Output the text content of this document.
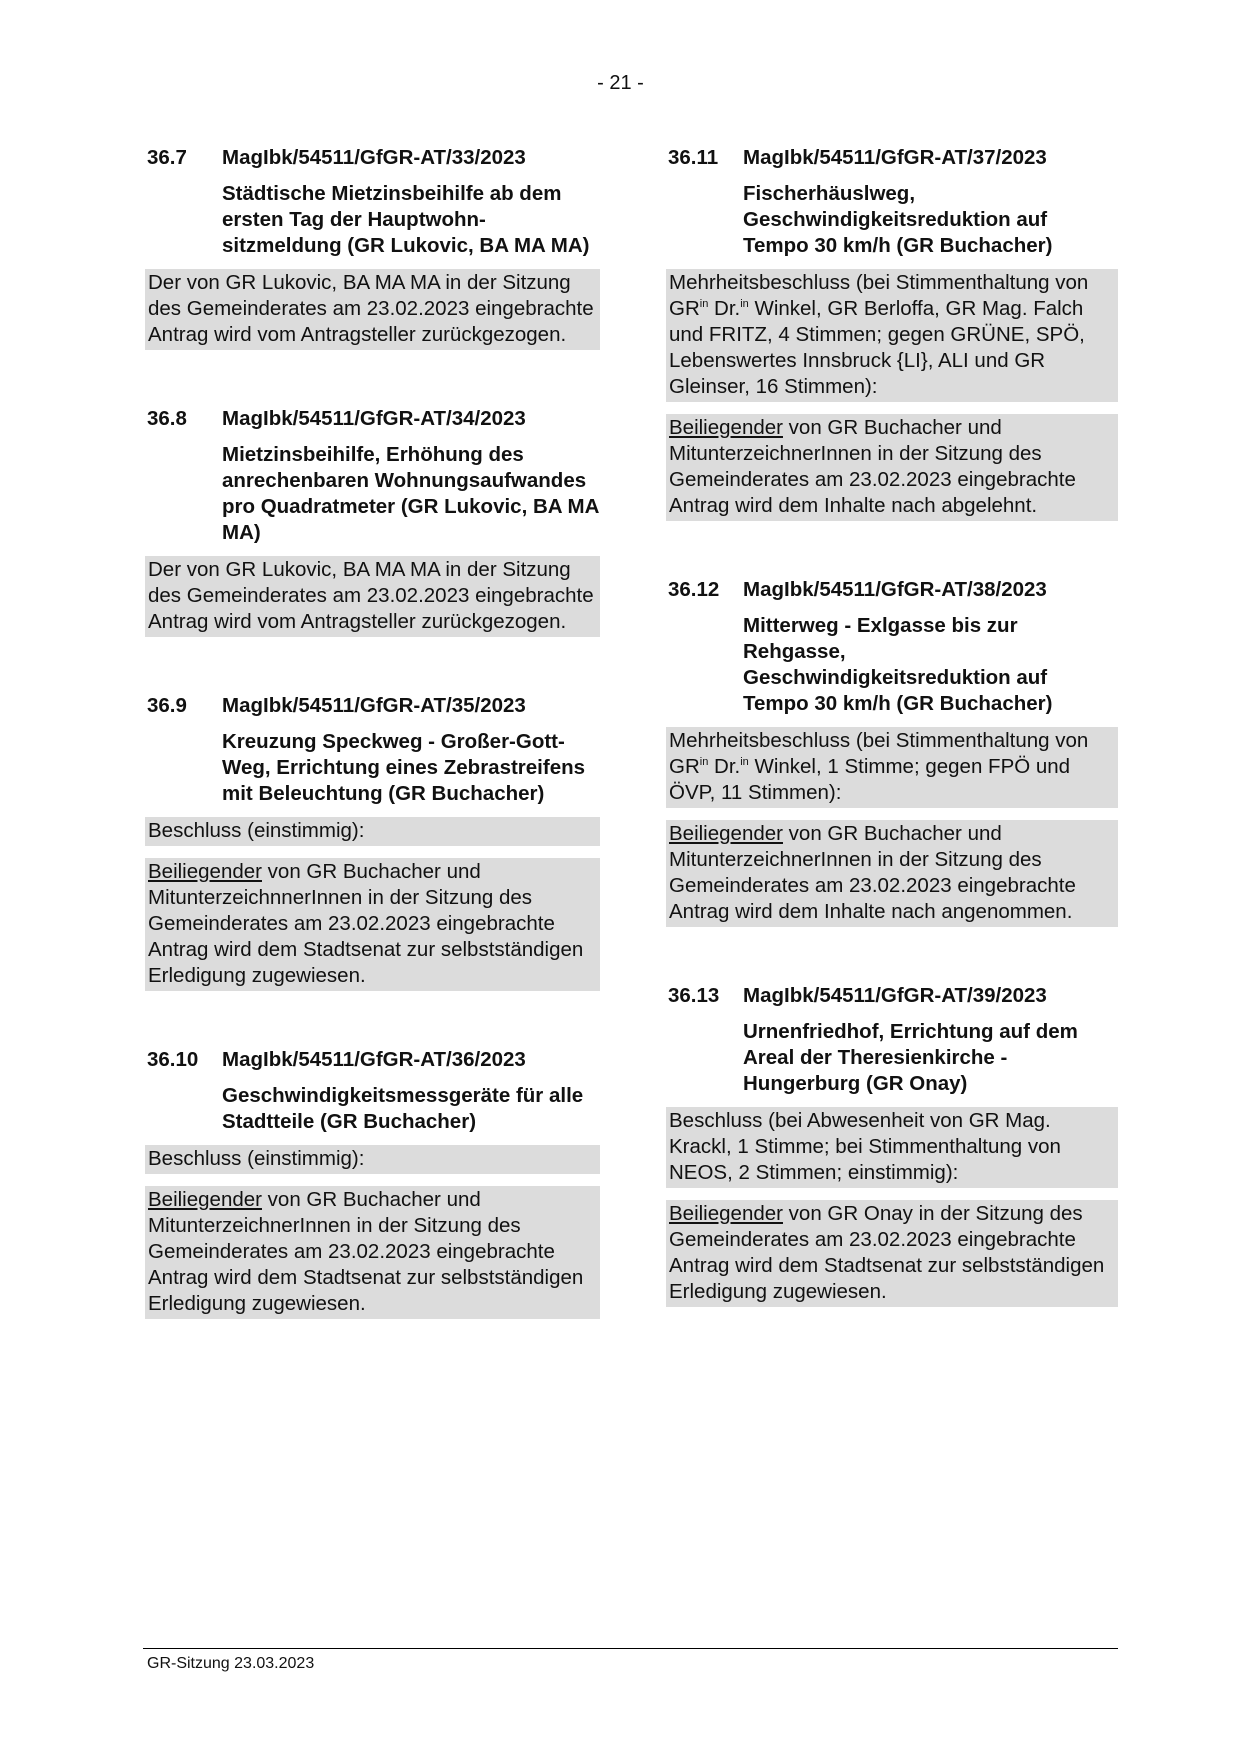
- 21 -
36.7	MagIbk/54511/GfGR-AT/33/2023
Städtische Mietzinsbeihilfe ab dem ersten Tag der Hauptwohn-sitzmeldung (GR Lukovic, BA MA MA)
Der von GR Lukovic, BA MA MA in der Sitzung des Gemeinderates am 23.02.2023 eingebrachte Antrag wird vom Antragsteller zurückgezogen.
36.8	MagIbk/54511/GfGR-AT/34/2023
Mietzinsbeihilfe, Erhöhung des anrechenbaren Wohnungsaufwandes pro Quadratmeter (GR Lukovic, BA MA MA)
Der von GR Lukovic, BA MA MA in der Sitzung des Gemeinderates am 23.02.2023 eingebrachte Antrag wird vom Antragsteller zurückgezogen.
36.9	MagIbk/54511/GfGR-AT/35/2023
Kreuzung Speckweg - Großer-Gott-Weg, Errichtung eines Zebrastreifens mit Beleuchtung (GR Buchacher)
Beschluss (einstimmig):
Beiliegender von GR Buchacher und MitunterzeichnnerInnen in der Sitzung des Gemeinderates am 23.02.2023 eingebrachte Antrag wird dem Stadtsenat zur selbstständigen Erledigung zugewiesen.
36.10	MagIbk/54511/GfGR-AT/36/2023
Geschwindigkeitsmessgeräte für alle Stadtteile (GR Buchacher)
Beschluss (einstimmig):
Beiliegender von GR Buchacher und MitunterzeichnerInnen in der Sitzung des Gemeinderates am 23.02.2023 eingebrachte Antrag wird dem Stadtsenat zur selbstständigen Erledigung zugewiesen.
36.11	MagIbk/54511/GfGR-AT/37/2023
Fischerhäuslweg, Geschwindigkeitsreduktion auf Tempo 30 km/h (GR Buchacher)
Mehrheitsbeschluss (bei Stimmenthaltung von $GR^{in}$ Dr.$^{in}$ Winkel, GR Berloffa, GR Mag. Falch und FRITZ, 4 Stimmen; gegen GRÜNE, SPÖ, Lebenswertes Innsbruck {LI}, ALI und GR Gleinser, 16 Stimmen):
Beiliegender von GR Buchacher und MitunterzeichnerInnen in der Sitzung des Gemeinderates am 23.02.2023 eingebrachte Antrag wird dem Inhalte nach abgelehnt.
36.12	MagIbk/54511/GfGR-AT/38/2023
Mitterweg - Exlgasse bis zur Rehgasse, Geschwindigkeitsreduktion auf Tempo 30 km/h (GR Buchacher)
Mehrheitsbeschluss (bei Stimmenthaltung von $GR^{in}$ Dr.$^{in}$ Winkel, 1 Stimme; gegen FPÖ und ÖVP, 11 Stimmen):
Beiliegender von GR Buchacher und MitunterzeichnerInnen in der Sitzung des Gemeinderates am 23.02.2023 eingebrachte Antrag wird dem Inhalte nach angenommen.
36.13	MagIbk/54511/GfGR-AT/39/2023
Urnenfriedhof, Errichtung auf dem Areal der Theresienkirche - Hungerburg (GR Onay)
Beschluss (bei Abwesenheit von GR Mag. Krackl, 1 Stimme; bei Stimmenthaltung von NEOS, 2 Stimmen; einstimmig):
Beiliegender von GR Onay in der Sitzung des Gemeinderates am 23.02.2023 eingebrachte Antrag wird dem Stadtsenat zur selbstständigen Erledigung zugewiesen.
GR-Sitzung 23.03.2023
